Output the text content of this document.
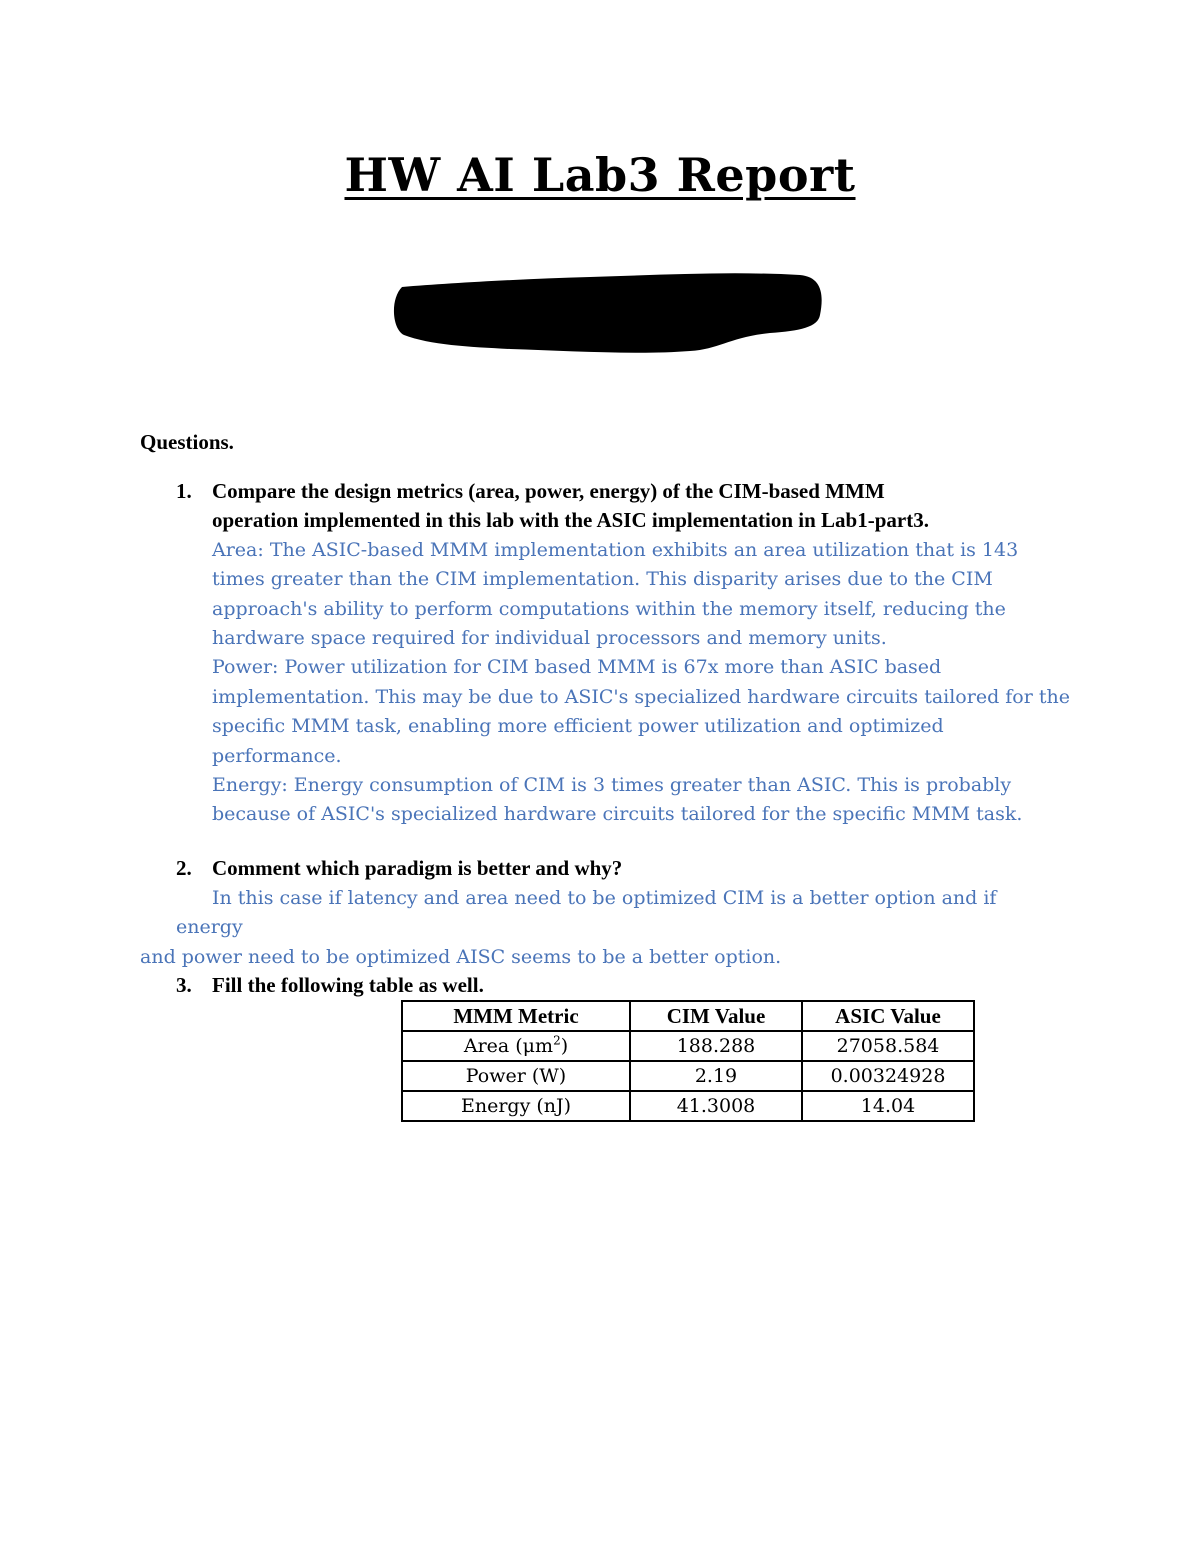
HW AI Lab3 Report
Questions.
1. Compare the design metrics (area, power, energy) of the CIM-based MMM
operation implemented in this lab with the ASIC implementation in Lab1-part3.
Area: The ASIC-based MMM implementation exhibits an area utilization that is 143
times greater than the CIM implementation. This disparity arises due to the CIM
approach's ability to perform computations within the memory itself, reducing the
hardware space required for individual processors and memory units.
Power: Power utilization for CIM based MMM is 67x more than ASIC based
implementation. This may be due to ASIC's specialized hardware circuits tailored for the
specific MMM task, enabling more efficient power utilization and optimized
performance.
Energy: Energy consumption of CIM is 3 times greater than ASIC. This is probably
because of ASIC's specialized hardware circuits tailored for the specific MMM task.
2. Comment which paradigm is better and why?
In this case if latency and area need to be optimized CIM is a better option and if energy
and power need to be optimized AISC seems to be a better option.
3. Fill the following table as well.
MMM Metric	CIM Value	ASIC Value
Area $(\mu m^2)$	188.288	27058.584
Power (W)	2.19	0.00324928
Energy (nJ)	41.3008	14.04
